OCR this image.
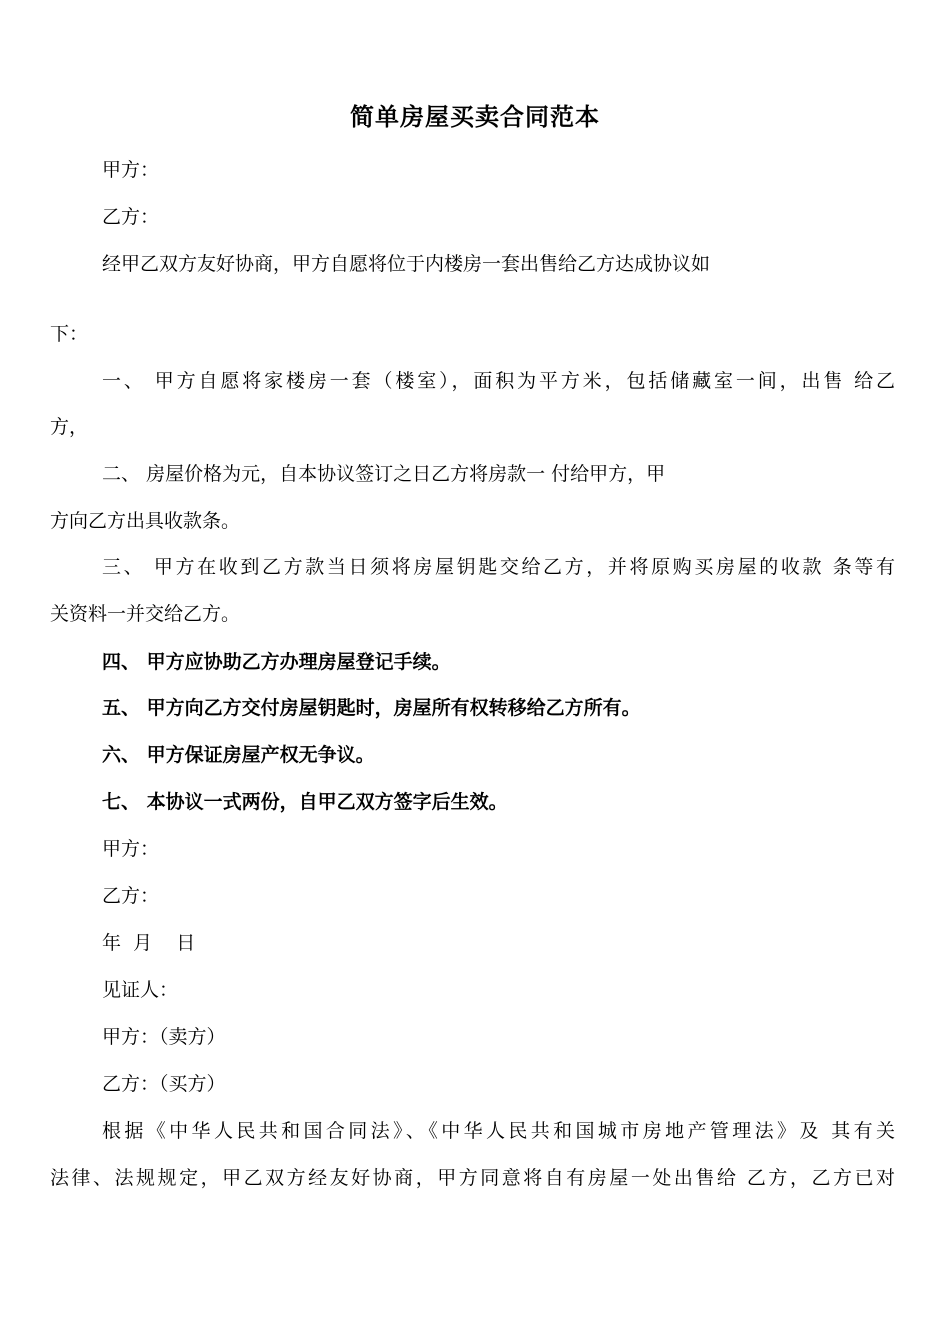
简单房屋买卖合同范本

甲方：

乙方：

经甲乙双方友好协商，甲方自愿将位于内楼房一套出售给乙方达成协议如

下：

一、 甲方自愿将家楼房一套（楼室），面积为平方米，包括储藏室一间，出售 给乙

方，

二、 房屋价格为元，自本协议签订之日乙方将房款一 付给甲方，甲

方向乙方出具收款条。

三、 甲方在收到乙方款当日须将房屋钥匙交给乙方，并将原购买房屋的收款 条等有

关资料一并交给乙方。

四、 甲方应协助乙方办理房屋登记手续。

五、 甲方向乙方交付房屋钥匙时，房屋所有权转移给乙方所有。

六、 甲方保证房屋产权无争议。

七、 本协议一式两份，自甲乙双方签字后生效。

甲方：

乙方：

年  月    日

见证人：

甲方：（卖方）

乙方：（买方）

根据《中华人民共和国合同法》、《中华人民共和国城市房地产管理法》及 其有关

法律、法规规定，甲乙双方经友好协商，甲方同意将自有房屋一处出售给 乙方，乙方已对
